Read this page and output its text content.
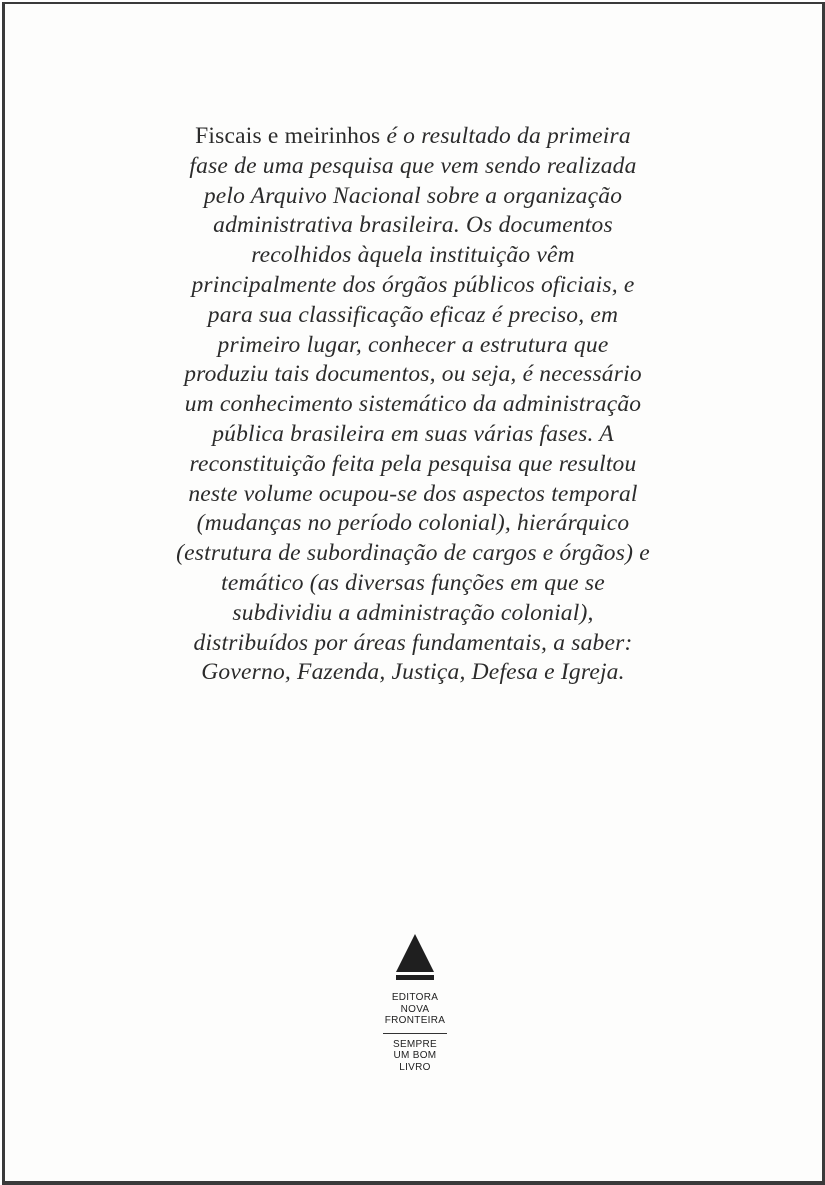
Fiscais e meirinhos é o resultado da primeira
fase de uma pesquisa que vem sendo realizada
pelo Arquivo Nacional sobre a organização
administrativa brasileira. Os documentos
recolhidos àquela instituição vêm
principalmente dos órgãos públicos oficiais, e
para sua classificação eficaz é preciso, em
primeiro lugar, conhecer a estrutura que
produziu tais documentos, ou seja, é necessário
um conhecimento sistemático da administração
pública brasileira em suas várias fases. A
reconstituição feita pela pesquisa que resultou
neste volume ocupou-se dos aspectos temporal
(mudanças no período colonial), hierárquico
(estrutura de subordinação de cargos e órgãos) e
temático (as diversas funções em que se
subdividiu a administração colonial),
distribuídos por áreas fundamentais, a saber:
Governo, Fazenda, Justiça, Defesa e Igreja.
EDITORA
NOVA
FRONTEIRA
SEMPRE
UM BOM
LIVRO
